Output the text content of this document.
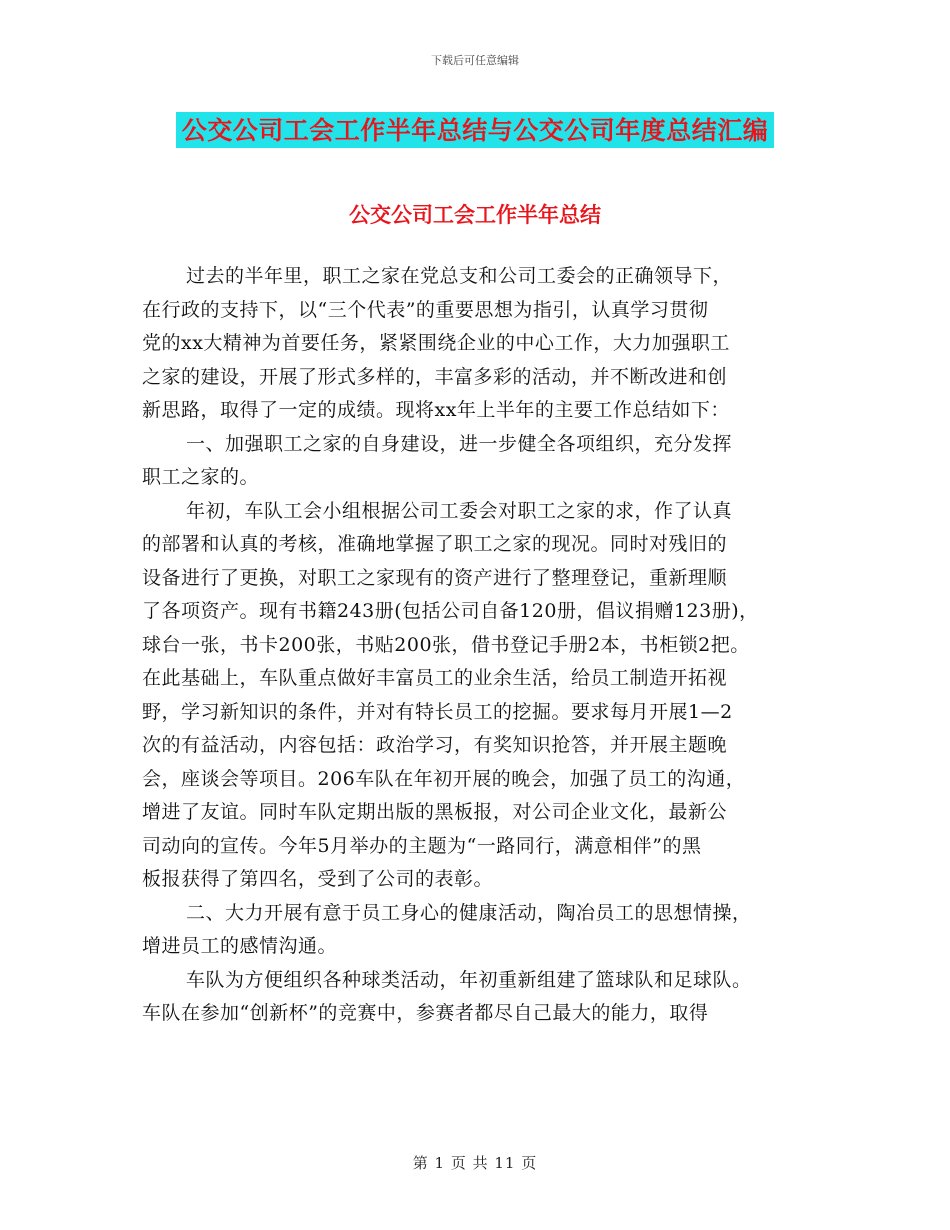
下载后可任意编辑
公交公司工会工作半年总结与公交公司年度总结汇编
公交公司工会工作半年总结
过去的半年里，职工之家在党总支和公司工委会的正确领导下，
在行政的支持下，以“三个代表”的重要思想为指引，认真学习贯彻
党的xx大精神为首要任务，紧紧围绕企业的中心工作，大力加强职工
之家的建设，开展了形式多样的，丰富多彩的活动，并不断改进和创
新思路，取得了一定的成绩。现将xx年上半年的主要工作总结如下：
一、加强职工之家的自身建设，进一步健全各项组织，充分发挥
职工之家的。
年初，车队工会小组根据公司工委会对职工之家的求，作了认真
的部署和认真的考核，准确地掌握了职工之家的现况。同时对残旧的
设备进行了更换，对职工之家现有的资产进行了整理登记，重新理顺
了各项资产。现有书籍243册(包括公司自备120册，倡议捐赠123册)，
球台一张，书卡200张，书贴200张，借书登记手册2本，书柜锁2把。
在此基础上，车队重点做好丰富员工的业余生活，给员工制造开拓视
野，学习新知识的条件，并对有特长员工的挖掘。要求每月开展1—2
次的有益活动，内容包括：政治学习，有奖知识抢答，并开展主题晚
会，座谈会等项目。206车队在年初开展的晚会，加强了员工的沟通，
增进了友谊。同时车队定期出版的黑板报，对公司企业文化，最新公
司动向的宣传。今年5月举办的主题为“一路同行，满意相伴”的黑
板报获得了第四名，受到了公司的表彰。
二、大力开展有意于员工身心的健康活动，陶冶员工的思想情操，
增进员工的感情沟通。
车队为方便组织各种球类活动，年初重新组建了篮球队和足球队。
车队在参加“创新杯”的竞赛中，参赛者都尽自己最大的能力，取得
第 1 页 共 11 页
